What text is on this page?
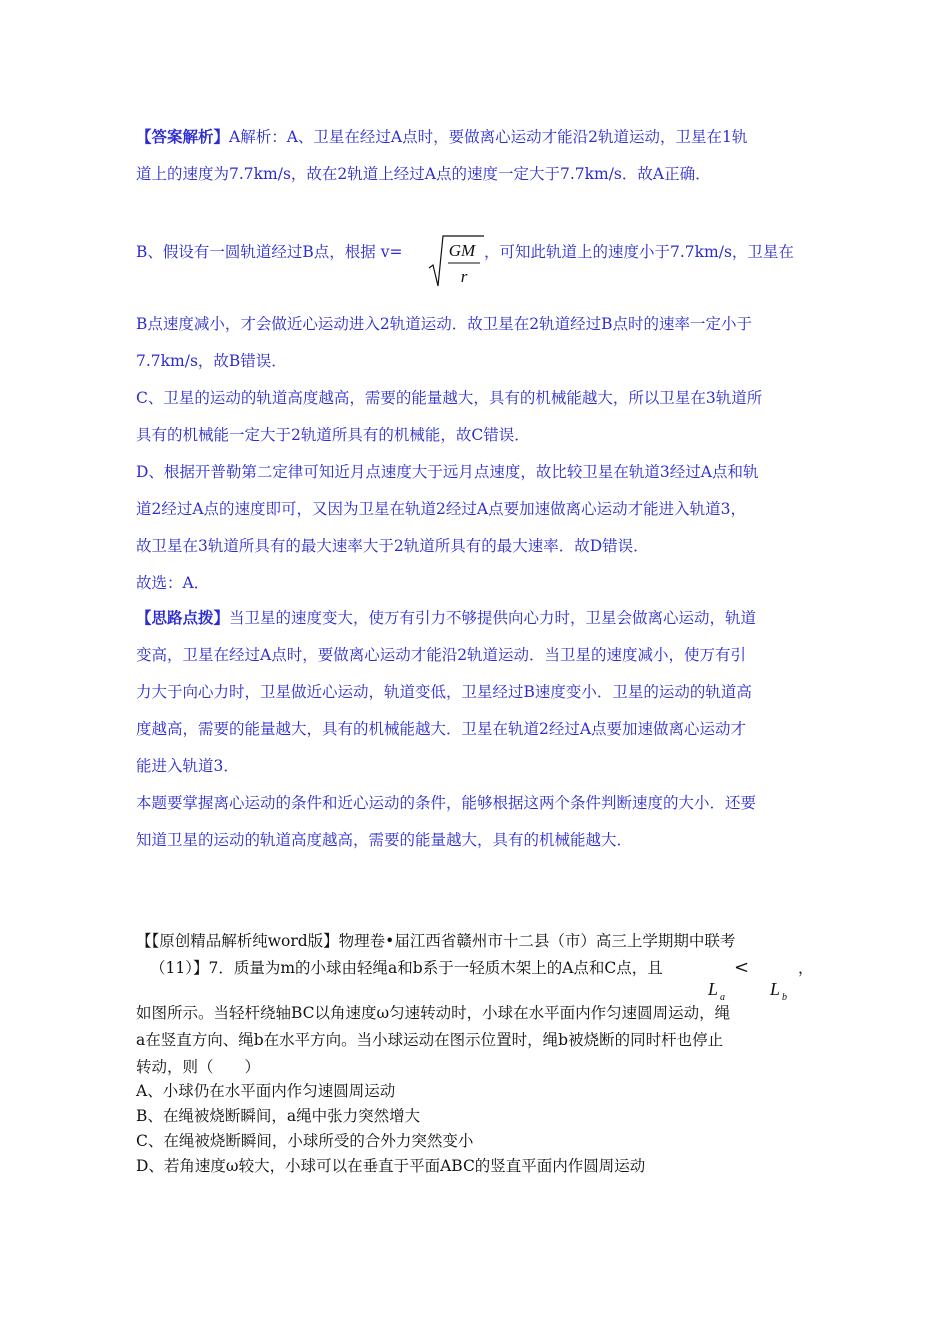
【答案解析】A解析：A、卫星在经过A点时，要做离心运动才能沿2轨道运动，卫星在1轨
道上的速度为7.7km/s，故在2轨道上经过A点的速度一定大于7.7km/s．故A正确．
B、假设有一圆轨道经过B点，根据 v=	GM
r
，可知此轨道上的速度小于7.7km/s，卫星在
B点速度减小，才会做近心运动进入2轨道运动．故卫星在2轨道经过B点时的速率一定小于
7.7km/s，故B错误．
C、卫星的运动的轨道高度越高，需要的能量越大，具有的机械能越大，所以卫星在3轨道所
具有的机械能一定大于2轨道所具有的机械能，故C错误．
D、根据开普勒第二定律可知近月点速度大于远月点速度，故比较卫星在轨道3经过A点和轨
道2经过A点的速度即可，又因为卫星在轨道2经过A点要加速做离心运动才能进入轨道3，
故卫星在3轨道所具有的最大速率大于2轨道所具有的最大速率．故D错误．
故选：A．
【思路点拨】当卫星的速度变大，使万有引力不够提供向心力时，卫星会做离心运动，轨道
变高，卫星在经过A点时，要做离心运动才能沿2轨道运动．当卫星的速度减小，使万有引
力大于向心力时，卫星做近心运动，轨道变低，卫星经过B速度变小．卫星的运动的轨道高
度越高，需要的能量越大，具有的机械能越大．卫星在轨道2经过A点要加速做离心运动才
能进入轨道3．
本题要掌握离心运动的条件和近心运动的条件，能够根据这两个条件判断速度的大小．还要
知道卫星的运动的轨道高度越高，需要的能量越大，具有的机械能越大．
【【原创精品解析纯word版】物理卷•届江西省赣州市十二县（市）高三上学期期中联考
（11）】7．质量为m的小球由轻绳a和b系于一轻质木架上的A点和C点，且
L a
<
L b
，
如图所示。当轻杆绕轴BC以角速度ω匀速转动时，小球在水平面内作匀速圆周运动，绳
a在竖直方向、绳b在水平方向。当小球运动在图示位置时，绳b被烧断的同时杆也停止
转动，则（　　）
A、小球仍在水平面内作匀速圆周运动
B、在绳被烧断瞬间，a绳中张力突然增大
C、在绳被烧断瞬间，小球所受的合外力突然变小
D、若角速度ω较大，小球可以在垂直于平面ABC的竖直平面内作圆周运动
